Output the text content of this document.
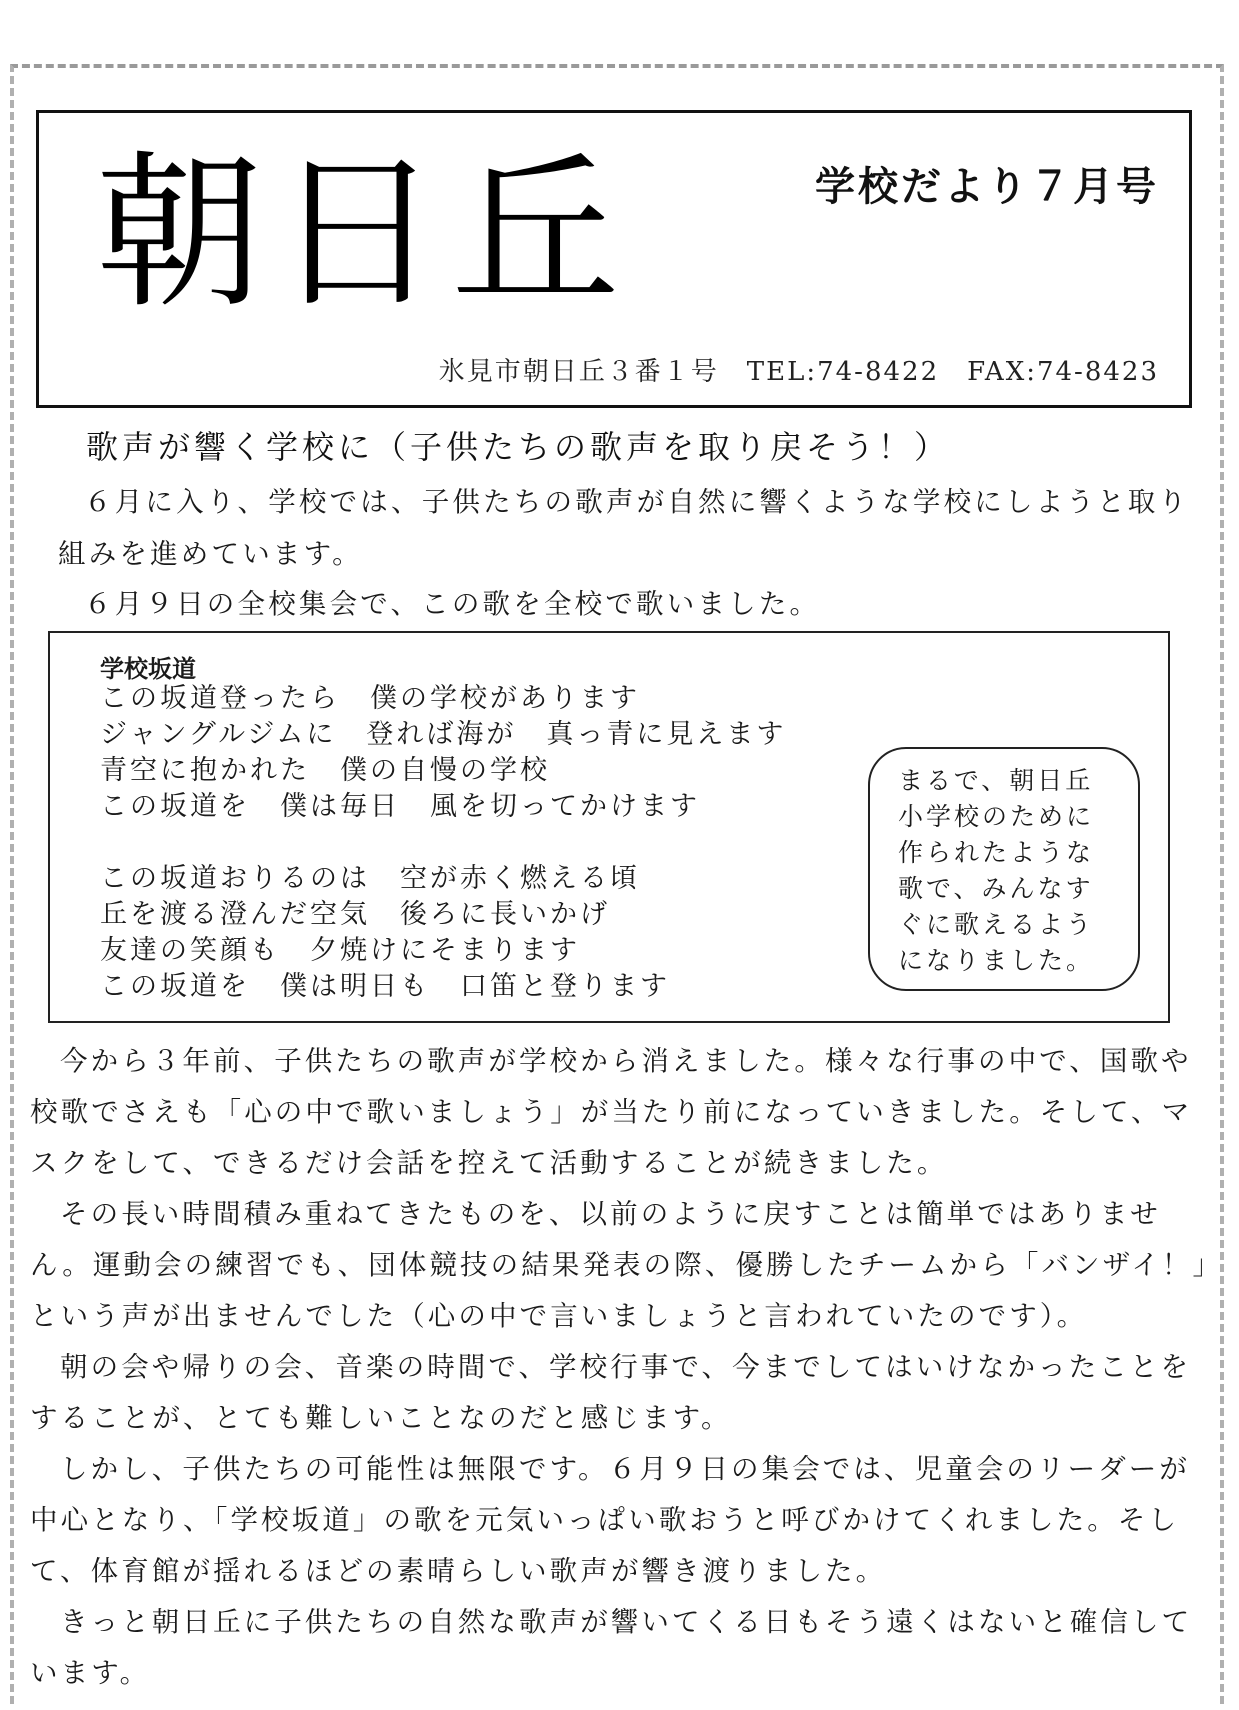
朝日丘	学校だより７月号
氷見市朝日丘３番１号　TEL:74-8422　FAX:74-8423
歌声が響く学校に（子供たちの歌声を取り戻そう！）
６月に入り、学校では、子供たちの歌声が自然に響くような学校にしようと取り
組みを進めています。
６月９日の全校集会で、この歌を全校で歌いました。
学校坂道
この坂道登ったら　僕の学校があります
ジャングルジムに　登れば海が　真っ青に見えます
青空に抱かれた　僕の自慢の学校
この坂道を　僕は毎日　風を切ってかけます
この坂道おりるのは　空が赤く燃える頃
丘を渡る澄んだ空気　後ろに長いかげ
友達の笑顔も　夕焼けにそまります
この坂道を　僕は明日も　口笛と登ります
まるで、朝日丘
小学校のために
作られたような
歌で、みんなす
ぐに歌えるよう
になりました。

今から３年前、子供たちの歌声が学校から消えました。様々な行事の中で、国歌や校歌でさえも「心の中で歌いましょう」が当たり前になっていきました。そして、マスクをして、できるだけ会話を控えて活動することが続きました。

その長い時間積み重ねてきたものを、以前のように戻すことは簡単ではありません。運動会の練習でも、団体競技の結果発表の際、優勝したチームから「バンザイ！」という声が出ませんでした（心の中で言いましょうと言われていたのです）。

朝の会や帰りの会、音楽の時間で、学校行事で、今までしてはいけなかったことをすることが、とても難しいことなのだと感じます。

しかし、子供たちの可能性は無限です。６月９日の集会では、児童会のリーダーが中心となり、「学校坂道」の歌を元気いっぱい歌おうと呼びかけてくれました。そして、体育館が揺れるほどの素晴らしい歌声が響き渡りました。

きっと朝日丘に子供たちの自然な歌声が響いてくる日もそう遠くはないと確信しています。
